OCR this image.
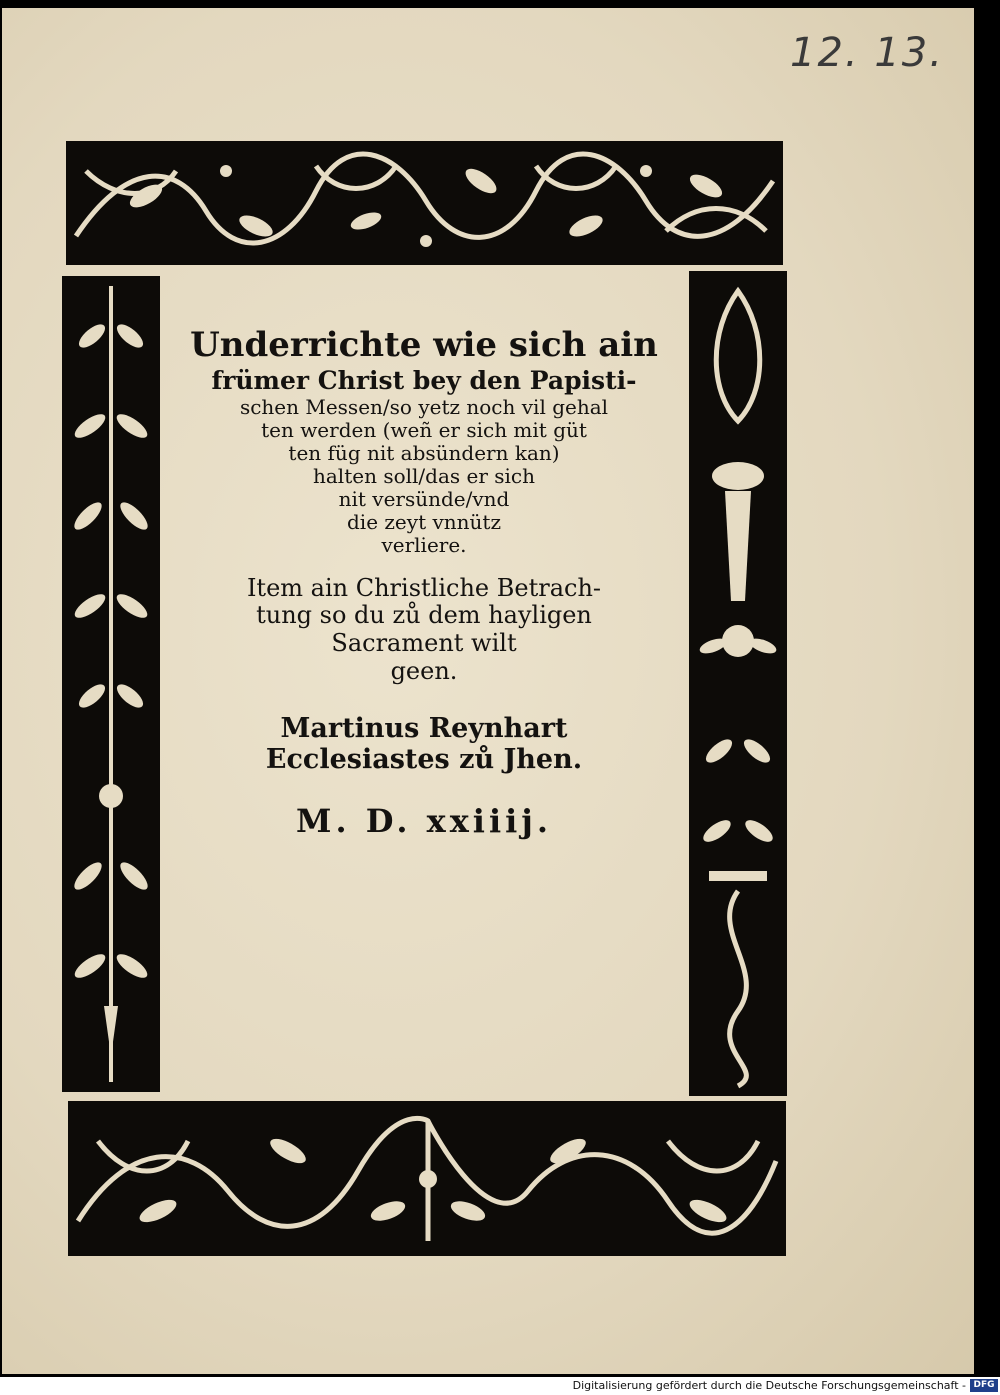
12. 13.
Underrichte wie sich ain
frümer Christ bey den Papisti-
schen Messen/so yetz noch vil gehal
ten werden (weñ er sich mit güt
ten füg nit absündern kan)
halten soll/das er sich
nit versünde/vnd
die zeyt vnnütz
verliere.
Item ain Christliche Betrach-
tung so du zů dem hayligen
Sacrament wilt
geen.
Martinus Reynhart
Ecclesiastes zů Jhen.
M. D. xxiiij.
Digitalisierung gefördert durch die Deutsche Forschungsgemeinschaft - DFG
